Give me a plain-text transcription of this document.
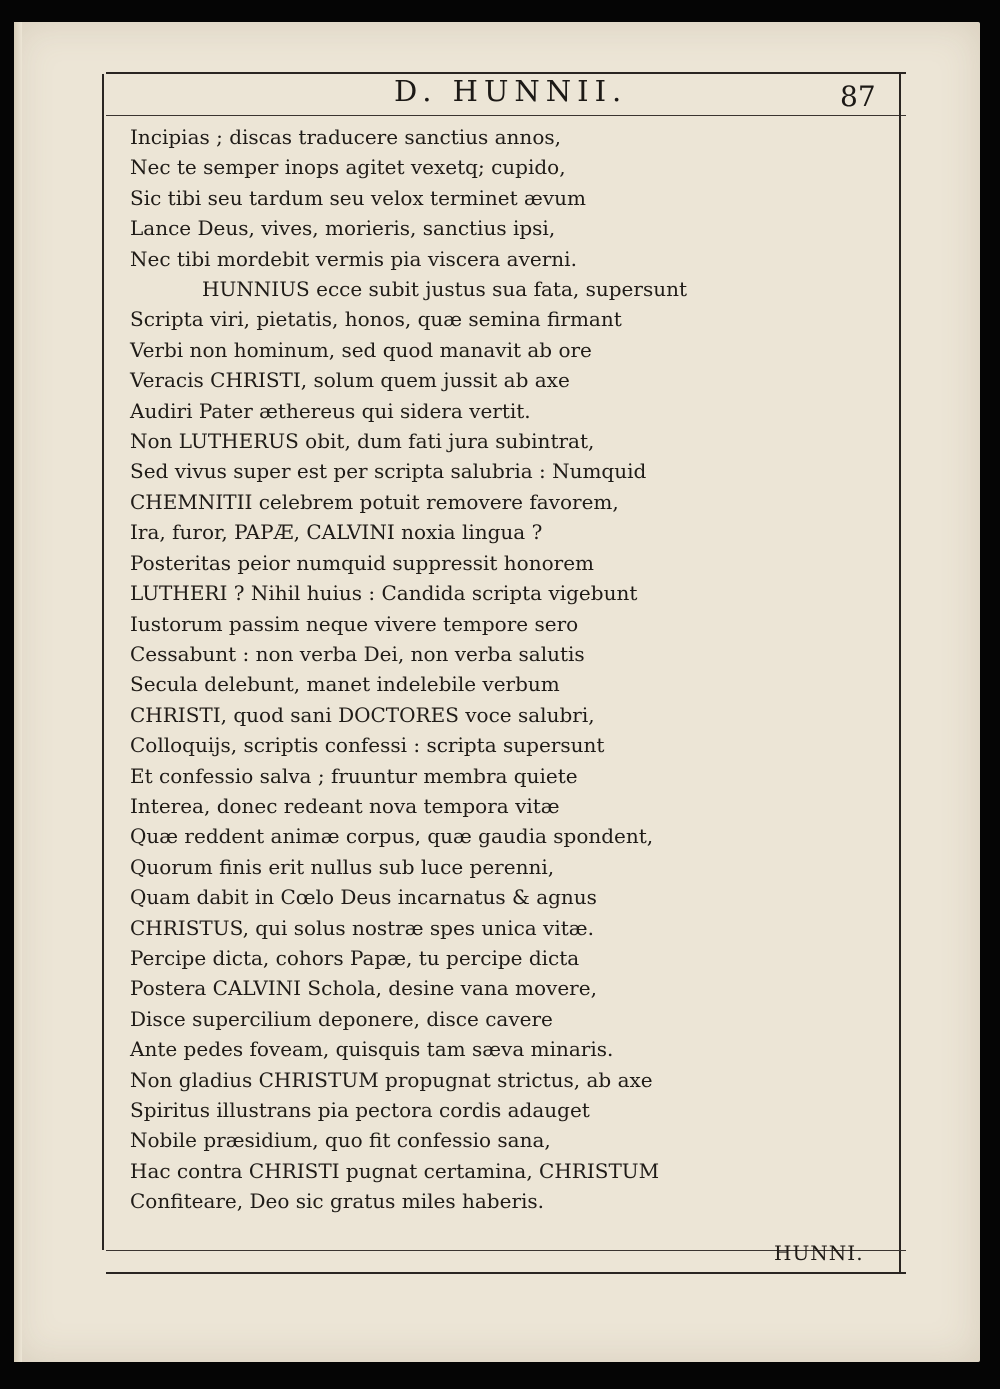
D. HUNNII.	87
Incipias ; discas traducere sanctius annos,
Nec te semper inops agitet vexetq; cupido,
Sic tibi seu tardum seu velox terminet ævum
Lance Deus, vives, morieris, sanctius ipsi,
Nec tibi mordebit vermis pia viscera averni.
HUNNIUS ecce subit justus sua fata, supersunt
Scripta viri, pietatis, honos, quæ semina firmant
Verbi non hominum, sed quod manavit ab ore
Veracis CHRISTI, solum quem jussit ab axe
Audiri Pater æthereus qui sidera vertit.
Non LUTHERUS obit, dum fati jura subintrat,
Sed vivus super est per scripta salubria : Numquid
CHEMNITII celebrem potuit removere favorem,
Ira, furor, PAPÆ, CALVINI noxia lingua ?
Posteritas peior numquid suppressit honorem
LUTHERI ? Nihil huius : Candida scripta vigebunt
Iustorum passim neque vivere tempore sero
Cessabunt : non verba Dei, non verba salutis
Secula delebunt, manet indelebile verbum
CHRISTI, quod sani DOCTORES voce salubri,
Colloquijs, scriptis confessi : scripta supersunt
Et confessio salva ; fruuntur membra quiete
Interea, donec redeant nova tempora vitæ
Quæ reddent animæ corpus, quæ gaudia spondent,
Quorum finis erit nullus sub luce perenni,
Quam dabit in Cœlo Deus incarnatus & agnus
CHRISTUS, qui solus nostræ spes unica vitæ.
Percipe dicta, cohors Papæ, tu percipe dicta
Postera CALVINI Schola, desine vana movere,
Disce supercilium deponere, disce cavere
Ante pedes foveam, quisquis tam sæva minaris.
Non gladius CHRISTUM propugnat strictus, ab axe
Spiritus illustrans pia pectora cordis adauget
Nobile præsidium, quo fit confessio sana,
Hac contra CHRISTI pugnat certamina, CHRISTUM
Confiteare, Deo sic gratus miles haberis.
HUNNI.
